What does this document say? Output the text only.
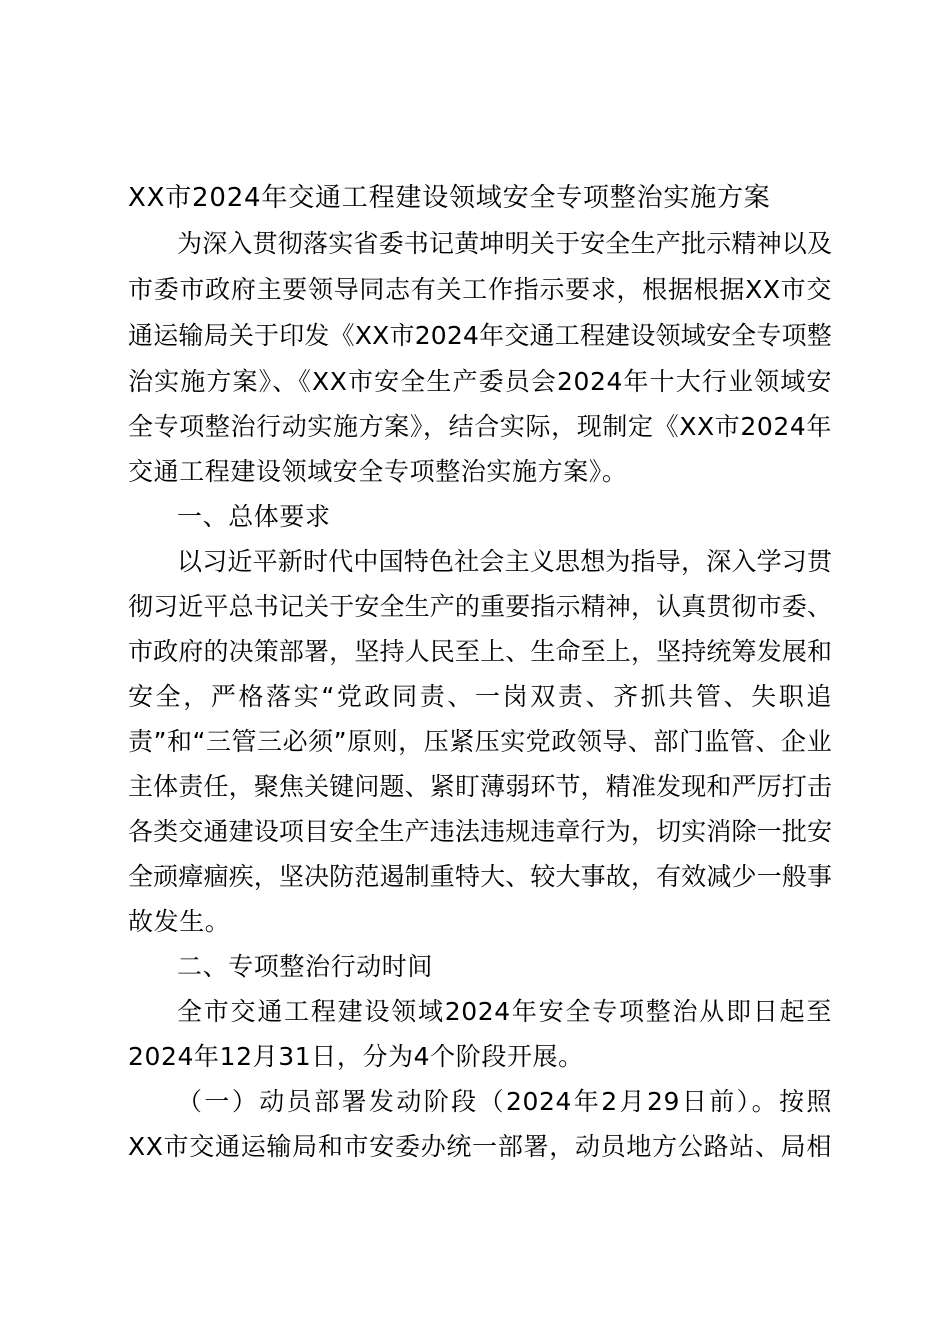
XX市2024年交通工程建设领域安全专项整治实施方案
为深入贯彻落实省委书记黄坤明关于安全生产批示精神以及
市委市政府主要领导同志有关工作指示要求，根据根据XX市交
通运输局关于印发《XX市2024年交通工程建设领域安全专项整
治实施方案》、《XX市安全生产委员会2024年十大行业领域安
全专项整治行动实施方案》，结合实际，现制定《XX市2024年
交通工程建设领域安全专项整治实施方案》。
一、总体要求
以习近平新时代中国特色社会主义思想为指导，深入学习贯
彻习近平总书记关于安全生产的重要指示精神，认真贯彻市委、
市政府的决策部署，坚持人民至上、生命至上，坚持统筹发展和
安全，严格落实“党政同责、一岗双责、齐抓共管、失职追
责”和“三管三必须”原则，压紧压实党政领导、部门监管、企业
主体责任，聚焦关键问题、紧盯薄弱环节，精准发现和严厉打击
各类交通建设项目安全生产违法违规违章行为，切实消除一批安
全顽瘴痼疾，坚决防范遏制重特大、较大事故，有效减少一般事
故发生。
二、专项整治行动时间
全市交通工程建设领域2024年安全专项整治从即日起至
2024年12月31日，分为4个阶段开展。
（一）动员部署发动阶段（2024年2月29日前）。按照
XX市交通运输局和市安委办统一部署，动员地方公路站、局相
